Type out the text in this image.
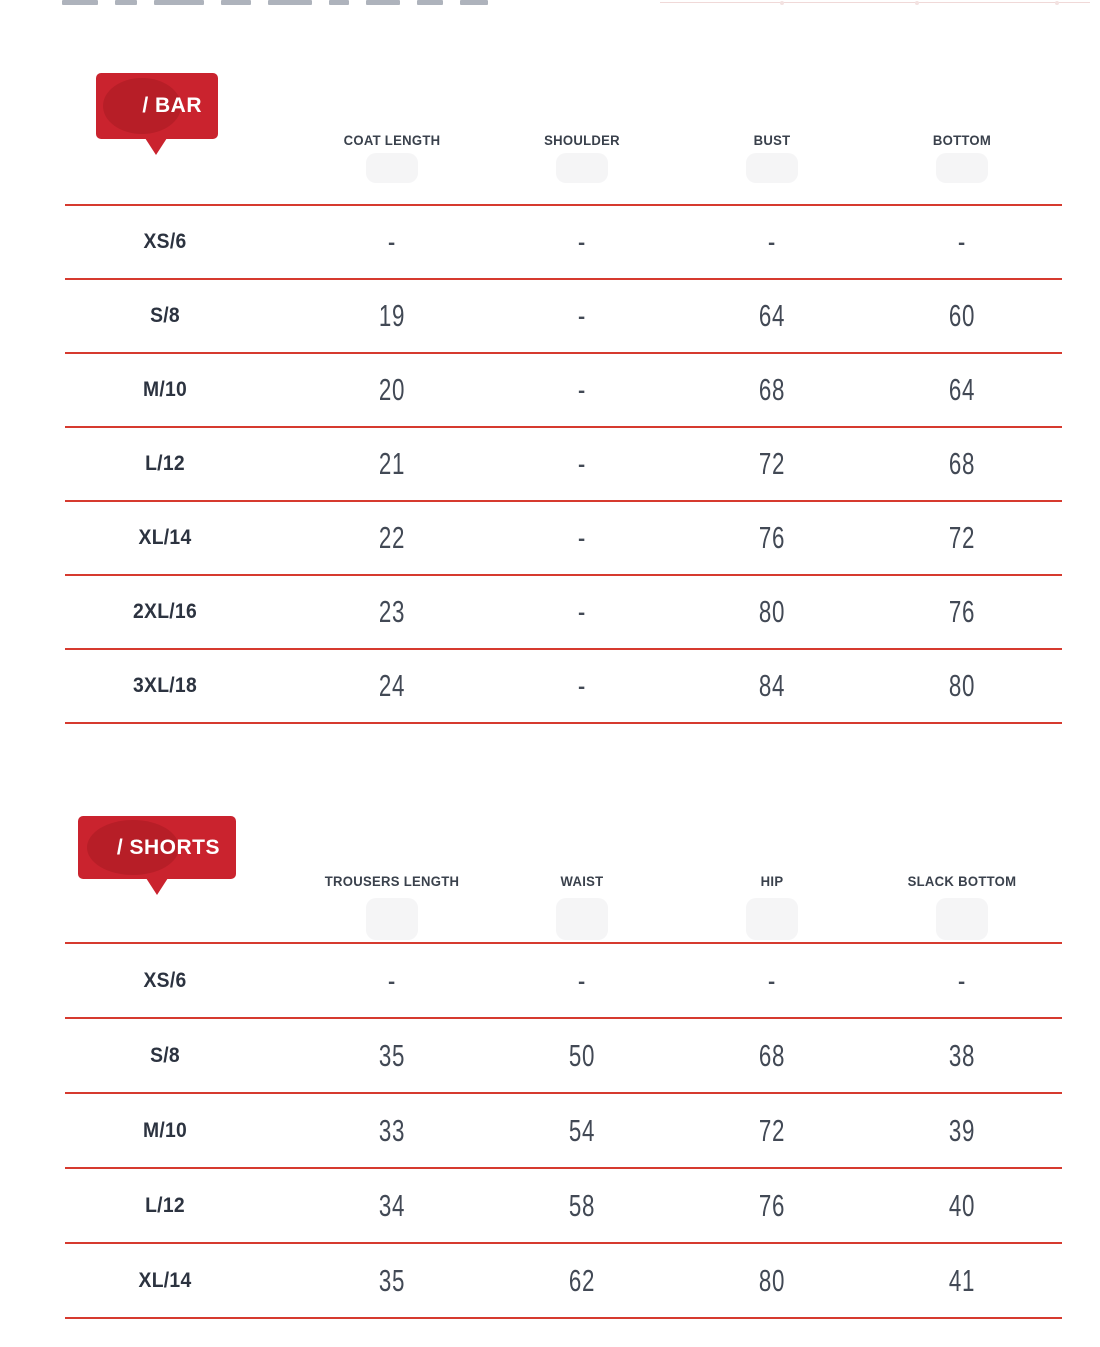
/ BAR
COAT LENGTH	SHOULDER	BUST	BOTTOM
XS/6	-	-	-	-
S/8	19	-	64	60
M/10	20	-	68	64
L/12	21	-	72	68
XL/14	22	-	76	72
2XL/16	23	-	80	76
3XL/18	24	-	84	80
/ SHORTS
TROUSERS LENGTH	WAIST	HIP	SLACK BOTTOM
XS/6	-	-	-	-
S/8	35	50	68	38
M/10	33	54	72	39
L/12	34	58	76	40
XL/14	35	62	80	41
